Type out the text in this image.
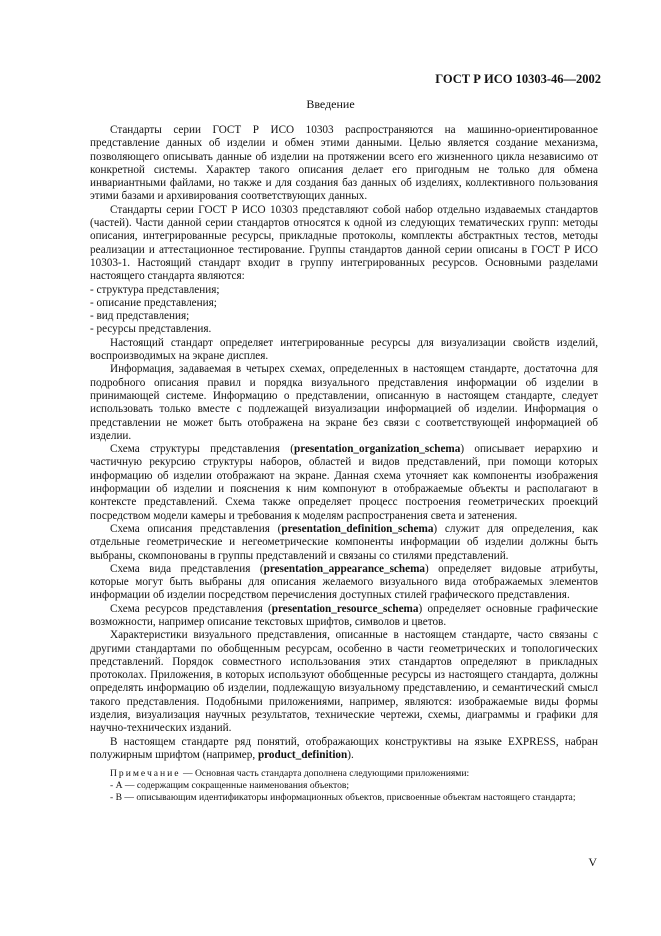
ГОСТ Р ИСО 10303-46—2002
Введение

Стандарты серии ГОСТ Р ИСО 10303 распространяются на машинно-ориентированное представление данных об изделии и обмен этими данными. Целью является создание механизма, позволяющего описывать данные об изделии на протяжении всего его жизненного цикла независимо от конкретной системы. Характер такого описания делает его пригодным не только для обмена инвариантными файлами, но также и для создания баз данных об изделиях, коллективного пользования этими базами и архивирования соответствующих данных.

Стандарты серии ГОСТ Р ИСО 10303 представляют собой набор отдельно издаваемых стандартов (частей). Части данной серии стандартов относятся к одной из следующих тематических групп: методы описания, интегрированные ресурсы, прикладные протоколы, комплекты абстрактных тестов, методы реализации и аттестационное тестирование. Группы стандартов данной серии описаны в ГОСТ Р ИСО 10303-1. Настоящий стандарт входит в группу интегрированных ресурсов. Основными разделами настоящего стандарта являются:

- структура представления;
- описание представления;
- вид представления;
- ресурсы представления.

Настоящий стандарт определяет интегрированные ресурсы для визуализации свойств изделий, воспроизводимых на экране дисплея.

Информация, задаваемая в четырех схемах, определенных в настоящем стандарте, достаточна для подробного описания правил и порядка визуального представления информации об изделии в принимающей системе. Информацию о представлении, описанную в настоящем стандарте, следует использовать только вместе с подлежащей визуализации информацией об изделии. Информация о представлении не может быть отображена на экране без связи с соответствующей информацией об изделии.

Схема структуры представления (presentation_organization_schema) описывает иерархию и частичную рекурсию структуры наборов, областей и видов представлений, при помощи которых информацию об изделии отображают на экране. Данная схема уточняет как компоненты изображения информации об изделии и пояснения к ним компонуют в отображаемые объекты и располагают в контексте представлений. Схема также определяет процесс построения геометрических проекций посредством модели камеры и требования к моделям распространения света и затенения.

Схема описания представления (presentation_definition_schema) служит для определения, как отдельные геометрические и негеометрические компоненты информации об изделии должны быть выбраны, скомпонованы в группы представлений и связаны со стилями представлений.

Схема вида представления (presentation_appearance_schema) определяет видовые атрибуты, которые могут быть выбраны для описания желаемого визуального вида отображаемых элементов информации об изделии посредством перечисления доступных стилей графического представления.

Схема ресурсов представления (presentation_resource_schema) определяет основные графические возможности, например описание текстовых шрифтов, символов и цветов.

Характеристики визуального представления, описанные в настоящем стандарте, часто связаны с другими стандартами по обобщенным ресурсам, особенно в части геометрических и топологических представлений. Порядок совместного использования этих стандартов определяют в прикладных протоколах. Приложения, в которых используют обобщенные ресурсы из настоящего стандарта, должны определять информацию об изделии, подлежащую визуальному представлению, и семантический смысл такого представления. Подобными приложениями, например, являются: изображаемые виды формы изделия, визуализация научных результатов, технические чертежи, схемы, диаграммы и графики для научно-технических изданий.

В настоящем стандарте ряд понятий, отображающих конструктивы на языке EXPRESS, набран полужирным шрифтом (например, product_definition).

Примечание — Основная часть стандарта дополнена следующими приложениями:

- А — содержащим сокращенные наименования объектов;

- В — описывающим идентификаторы информационных объектов, присвоенные объектам настоящего стандарта;

V
